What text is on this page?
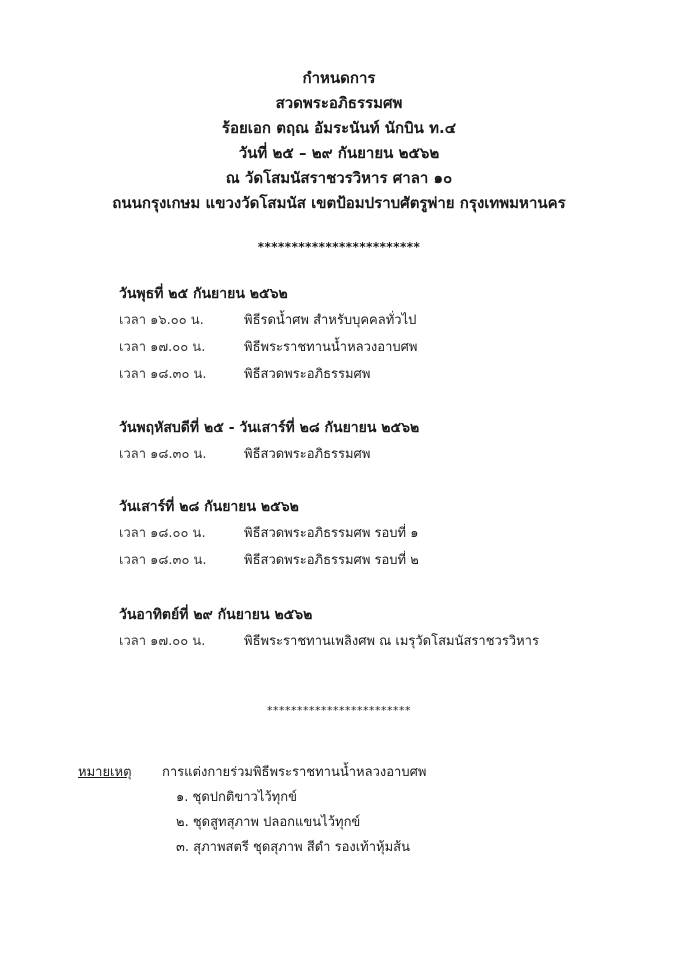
กำหนดการ
สวดพระอภิธรรมศพ
ร้อยเอก ตฤณ อัมระนันท์ นักบิน ท.๔
วันที่ ๒๕ – ๒๙ กันยายน ๒๕๖๒
ณ วัดโสมนัสราชวรวิหาร ศาลา ๑๐
ถนนกรุงเกษม แขวงวัดโสมนัส เขตป้อมปราบศัตรูพ่าย กรุงเทพมหานคร
************************
วันพุธที่ ๒๕ กันยายน ๒๕๖๒
เวลา ๑๖.๐๐ น.	พิธีรดน้ำศพ สำหรับบุคคลทั่วไป
เวลา ๑๗.๐๐ น.	พิธีพระราชทานน้ำหลวงอาบศพ
เวลา ๑๘.๓๐ น.	พิธีสวดพระอภิธรรมศพ
วันพฤหัสบดีที่ ๒๕ - วันเสาร์ที่ ๒๘ กันยายน ๒๕๖๒
เวลา ๑๘.๓๐ น.	พิธีสวดพระอภิธรรมศพ
วันเสาร์ที่ ๒๘ กันยายน ๒๕๖๒
เวลา ๑๘.๐๐ น.	พิธีสวดพระอภิธรรมศพ รอบที่ ๑
เวลา ๑๘.๓๐ น.	พิธีสวดพระอภิธรรมศพ รอบที่ ๒
วันอาทิตย์ที่ ๒๙ กันยายน ๒๕๖๒
เวลา ๑๗.๐๐ น.	พิธีพระราชทานเพลิงศพ ณ เมรุวัดโสมนัสราชวรวิหาร
************************
หมายเหตุ การแต่งกายร่วมพิธีพระราชทานน้ำหลวงอาบศพ
๑. ชุดปกติขาวไว้ทุกข์
๒. ชุดสูทสุภาพ ปลอกแขนไว้ทุกข์
๓. สุภาพสตรี ชุดสุภาพ สีดำ รองเท้าหุ้มส้น
